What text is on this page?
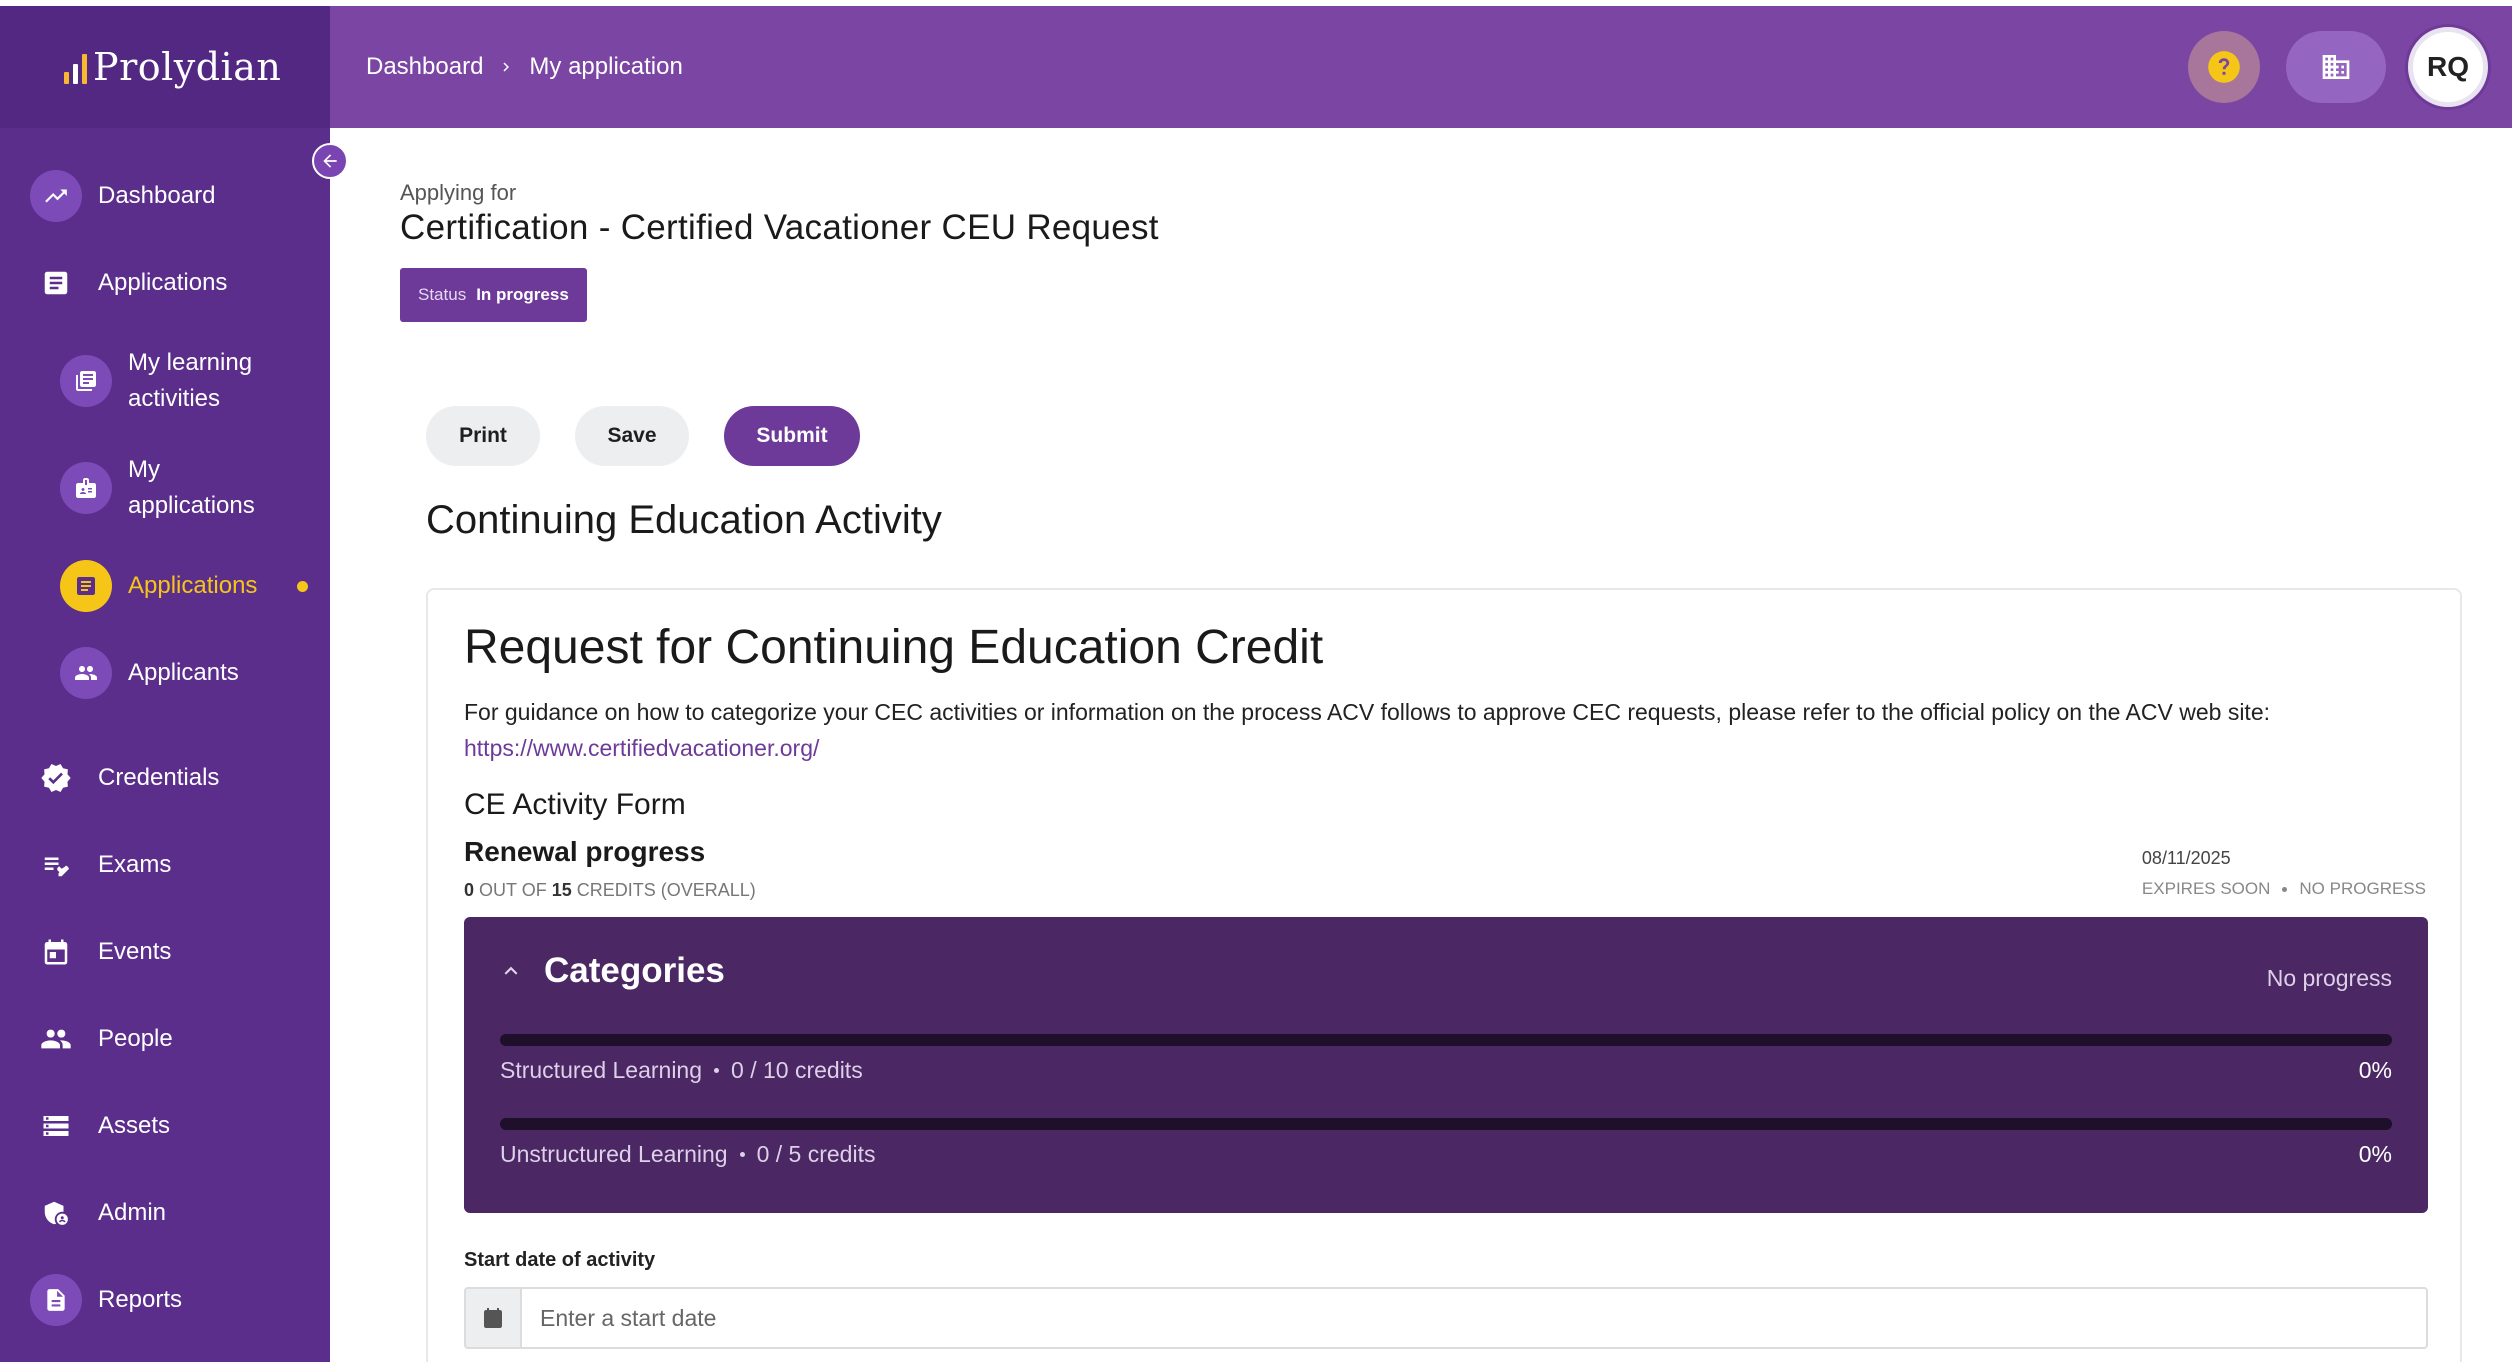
Prolydian
Dashboard
Applications
My learning
activities
My
applications
Applications
Applicants
Credentials
Exams
Events
People
Assets
Admin
Reports
Dashboard My application	RQ
Applying for
Certification - Certified Vacationer CEU Request
Status In progress
Print	Save	Submit
Continuing Education Activity
Request for Continuing Education Credit
For guidance on how to categorize your CEC activities or information on the process ACV follows to approve CEC requests, please refer to the official policy on the ACV web site:
https://www.certifiedvacationer.org/
CE Activity Form
Renewal progress
0 OUT OF 15 CREDITS (OVERALL)
08/11/2025
EXPIRES SOON NO PROGRESS
Categories	No progress
Structured Learning 0 / 10 credits	0%
Unstructured Learning 0 / 5 credits	0%
Start date of activity
Enter a start date
